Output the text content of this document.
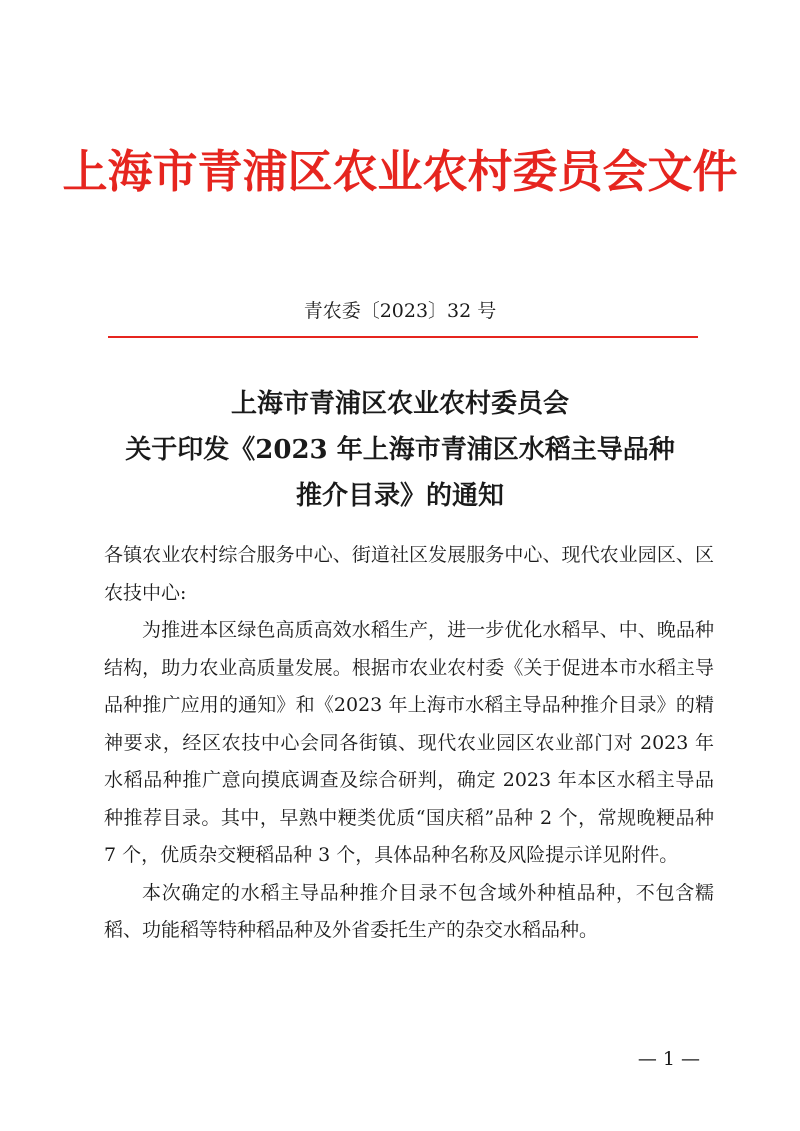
上海市青浦区农业农村委员会文件
青农委〔2023〕32 号
上海市青浦区农业农村委员会
关于印发《2023 年上海市青浦区水稻主导品种
推介目录》的通知

各镇农业农村综合服务中心、街道社区发展服务中心、现代农业园区、区农技中心:

为推进本区绿色高质高效水稻生产，进一步优化水稻早、中、晚品种结构，助力农业高质量发展。根据市农业农村委《关于促进本市水稻主导品种推广应用的通知》和《2023 年上海市水稻主导品种推介目录》的精神要求，经区农技中心会同各街镇、现代农业园区农业部门对 2023 年水稻品种推广意向摸底调查及综合研判，确定 2023 年本区水稻主导品种推荐目录。其中，早熟中粳类优质“国庆稻”品种 2 个，常规晚粳品种 7 个，优质杂交粳稻品种 3 个，具体品种名称及风险提示详见附件。

本次确定的水稻主导品种推介目录不包含域外种植品种，不包含糯稻、功能稻等特种稻品种及外省委托生产的杂交水稻品种。

— 1 —
